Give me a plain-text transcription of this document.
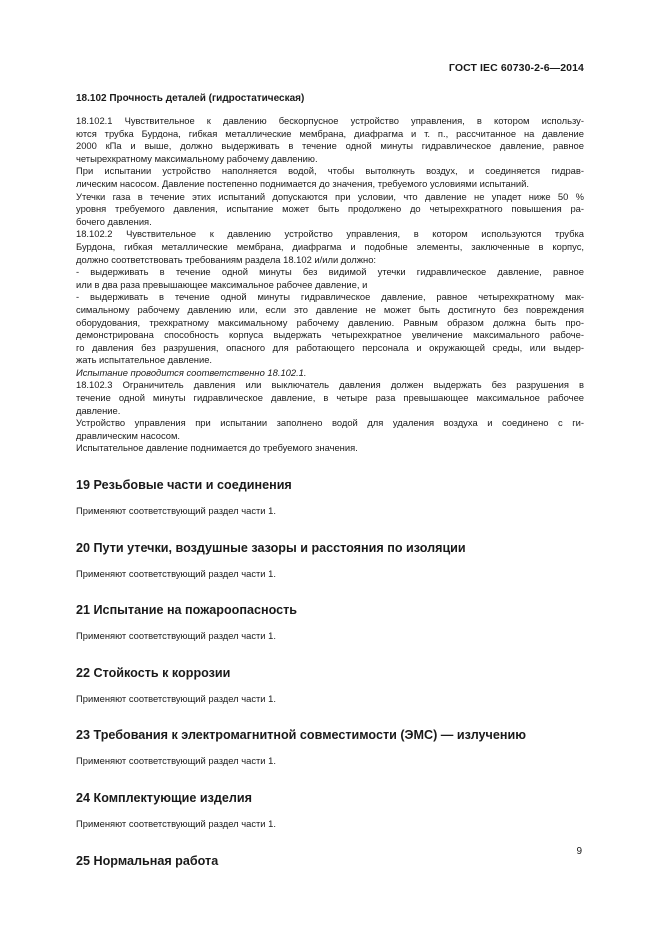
ГОСТ IEC 60730-2-6—2014
18.102 Прочность деталей (гидростатическая)
18.102.1 Чувствительное к давлению бескорпусное устройство управления, в котором использу-
ются трубка Бурдона, гибкая металлические мембрана, диафрагма и т. п., рассчитанное на давление
2000 кПа и выше, должно выдерживать в течение одной минуты гидравлическое давление, равное
четырехкратному максимальному рабочему давлению.
При испытании устройство наполняется водой, чтобы вытолкнуть воздух, и соединяется гидрав-
лическим насосом. Давление постепенно поднимается до значения, требуемого условиями испытаний.
Утечки газа в течение этих испытаний допускаются при условии, что давление не упадет ниже 50 %
уровня требуемого давления, испытание может быть продолжено до четырехкратного повышения ра-
бочего давления.
18.102.2 Чувствительное к давлению устройство управления, в котором используются трубка
Бурдона, гибкая металлические мембрана, диафрагма и подобные элементы, заключенные в корпус,
должно соответствовать требованиям раздела 18.102 и/или должно:
- выдерживать в течение одной минуты без видимой утечки гидравлическое давление, равное
или в два раза превышающее максимальное рабочее давление, и
- выдерживать в течение одной минуты гидравлическое давление, равное четырехкратному мак-
симальному рабочему давлению или, если это давление не может быть достигнуто без повреждения
оборудования, трехкратному максимальному рабочему давлению. Равным образом должна быть про-
демонстрирована способность корпуса выдержать четырехкратное увеличение максимального рабоче-
го давления без разрушения, опасного для работающего персонала и окружающей среды, или выдер-
жать испытательное давление.
Испытание проводится соответственно 18.102.1.
18.102.3 Ограничитель давления или выключатель давления должен выдержать без разрушения в
течение одной минуты гидравлическое давление, в четыре раза превышающее максимальное рабочее
давление.
Устройство управления при испытании заполнено водой для удаления воздуха и соединено с ги-
дравлическим насосом.
Испытательное давление поднимается до требуемого значения.
19 Резьбовые части и соединения
Применяют соответствующий раздел части 1.
20 Пути утечки, воздушные зазоры и расстояния по изоляции
Применяют соответствующий раздел части 1.
21 Испытание на пожароопасность
Применяют соответствующий раздел части 1.
22 Стойкость к коррозии
Применяют соответствующий раздел части 1.
23 Требования к электромагнитной совместимости (ЭМС) — излучению
Применяют соответствующий раздел части 1.
24 Комплектующие изделия
Применяют соответствующий раздел части 1.
25 Нормальная работа
9
